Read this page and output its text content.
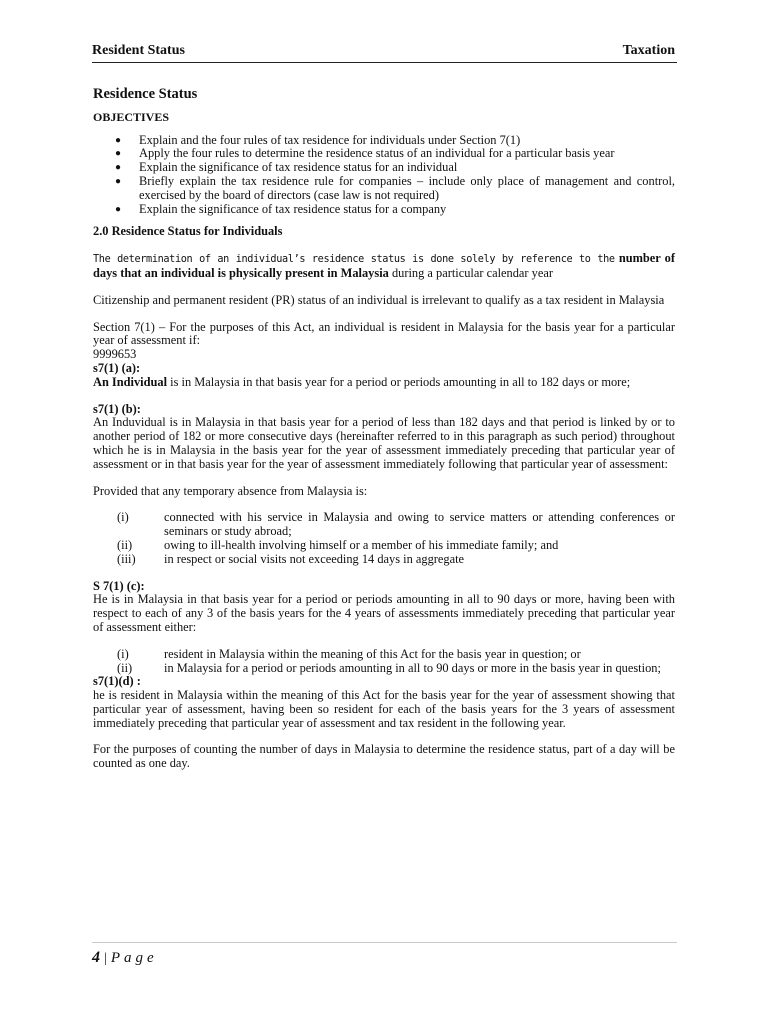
Resident Status	Taxation
Residence Status
OBJECTIVES
● Explain and the four rules of tax residence for individuals under Section 7(1)
● Apply the four rules to determine the residence status of an individual for a particular basis year
● Explain the significance of tax residence status for an individual
● Briefly explain the tax residence rule for companies – include only place of management and control, exercised by the board of directors (case law is not required)
● Explain the significance of tax residence status for a company
2.0 Residence Status for Individuals

The determination of an individual’s residence status is done solely by reference to the number of days that an individual is physically present in Malaysia during a particular calendar year

Citizenship and permanent resident (PR) status of an individual is irrelevant to qualify as a tax resident in Malaysia

Section 7(1) – For the purposes of this Act, an individual is resident in Malaysia for the basis year for a particular year of assessment if:

9999653
s7(1) (a):
An Individual is in Malaysia in that basis year for a period or periods amounting in all to 182 days or more;
s7(1) (b):

An Induvidual is in Malaysia in that basis year for a period of less than 182 days and that period is linked by or to another period of 182 or more consecutive days (hereinafter referred to in this paragraph as such period) throughout which he is in Malaysia in the basis year for the year of assessment immediately preceding that particular year of assessment or in that basis year for the year of assessment immediately following that particular year of assessment:

Provided that any temporary absence from Malaysia is:

(i)	connected with his service in Malaysia and owing to service matters or attending conferences or seminars or study abroad;
(ii)	owing to ill-health involving himself or a member of his immediate family; and
(iii)	in respect or social visits not exceeding 14 days in aggregate
S 7(1) (c):

He is in Malaysia in that basis year for a period or periods amounting in all to 90 days or more, having been with respect to each of any 3 of the basis years for the 4 years of assessments immediately preceding that particular year of assessment either:

(i)	resident in Malaysia within the meaning of this Act for the basis year in question; or
(ii)	in Malaysia for a period or periods amounting in all to 90 days or more in the basis year in question;
s7(1)(d) :

he is resident in Malaysia within the meaning of this Act for the basis year for the year of assessment showing that particular year of assessment, having been so resident for each of the basis years for the 3 years of assessment immediately preceding that particular year of assessment and tax resident in the following year.

For the purposes of counting the number of days in Malaysia to determine the residence status, part of a day will be counted as one day.

4 | Page
